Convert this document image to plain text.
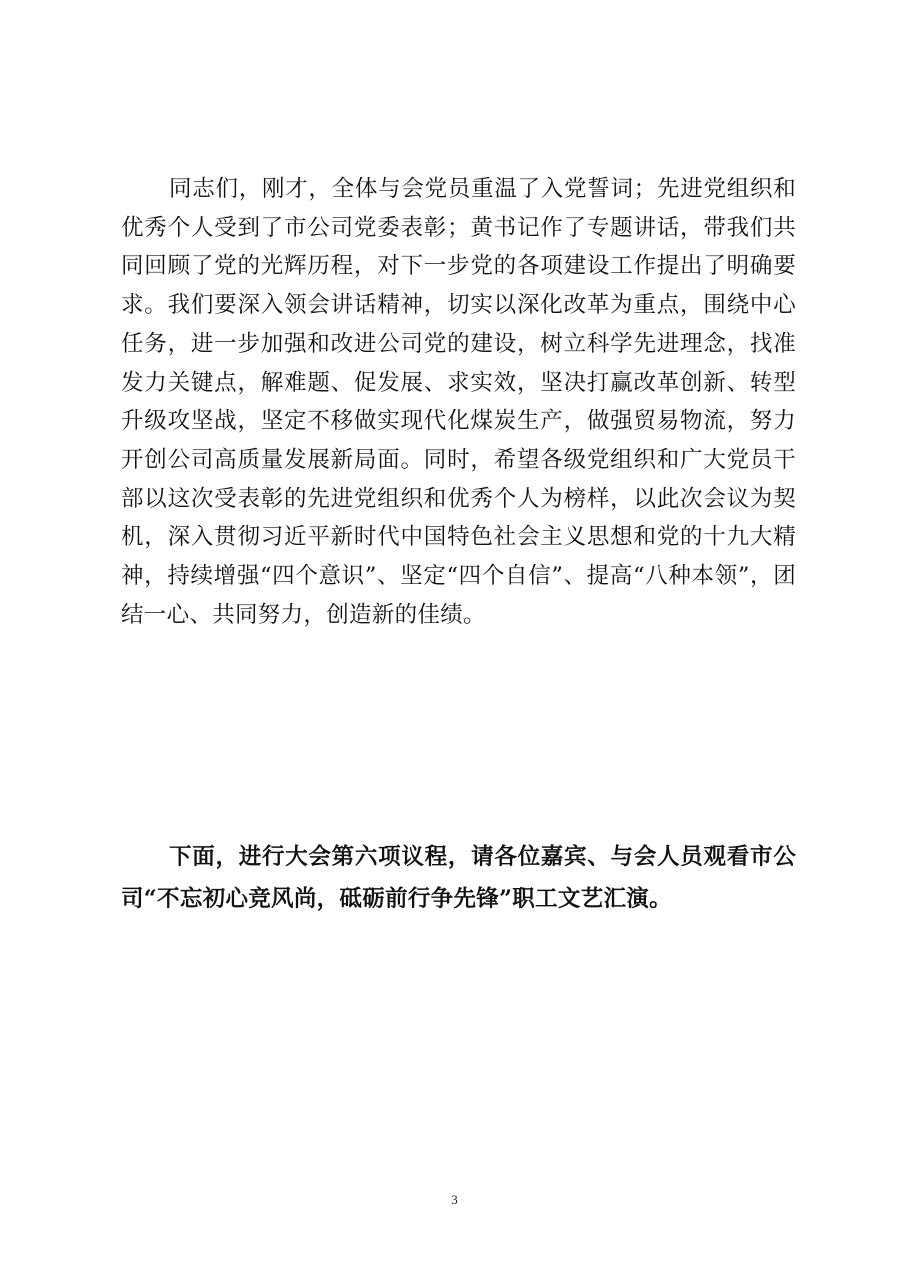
同志们，刚才，全体与会党员重温了入党誓词；先进党组织和优秀个人受到了市公司党委表彰；黄书记作了专题讲话，带我们共同回顾了党的光辉历程，对下一步党的各项建设工作提出了明确要求。我们要深入领会讲话精神，切实以深化改革为重点，围绕中心任务，进一步加强和改进公司党的建设，树立科学先进理念，找准发力关键点，解难题、促发展、求实效，坚决打赢改革创新、转型升级攻坚战，坚定不移做实现代化煤炭生产，做强贸易物流，努力开创公司高质量发展新局面。同时，希望各级党组织和广大党员干部以这次受表彰的先进党组织和优秀个人为榜样，以此次会议为契机，深入贯彻习近平新时代中国特色社会主义思想和党的十九大精神，持续增强“四个意识”、坚定“四个自信”、提高“八种本领”，团结一心、共同努力，创造新的佳绩。

下面，进行大会第六项议程，请各位嘉宾、与会人员观看市公司“不忘初心竞风尚，砥砺前行争先锋”职工文艺汇演。

3
